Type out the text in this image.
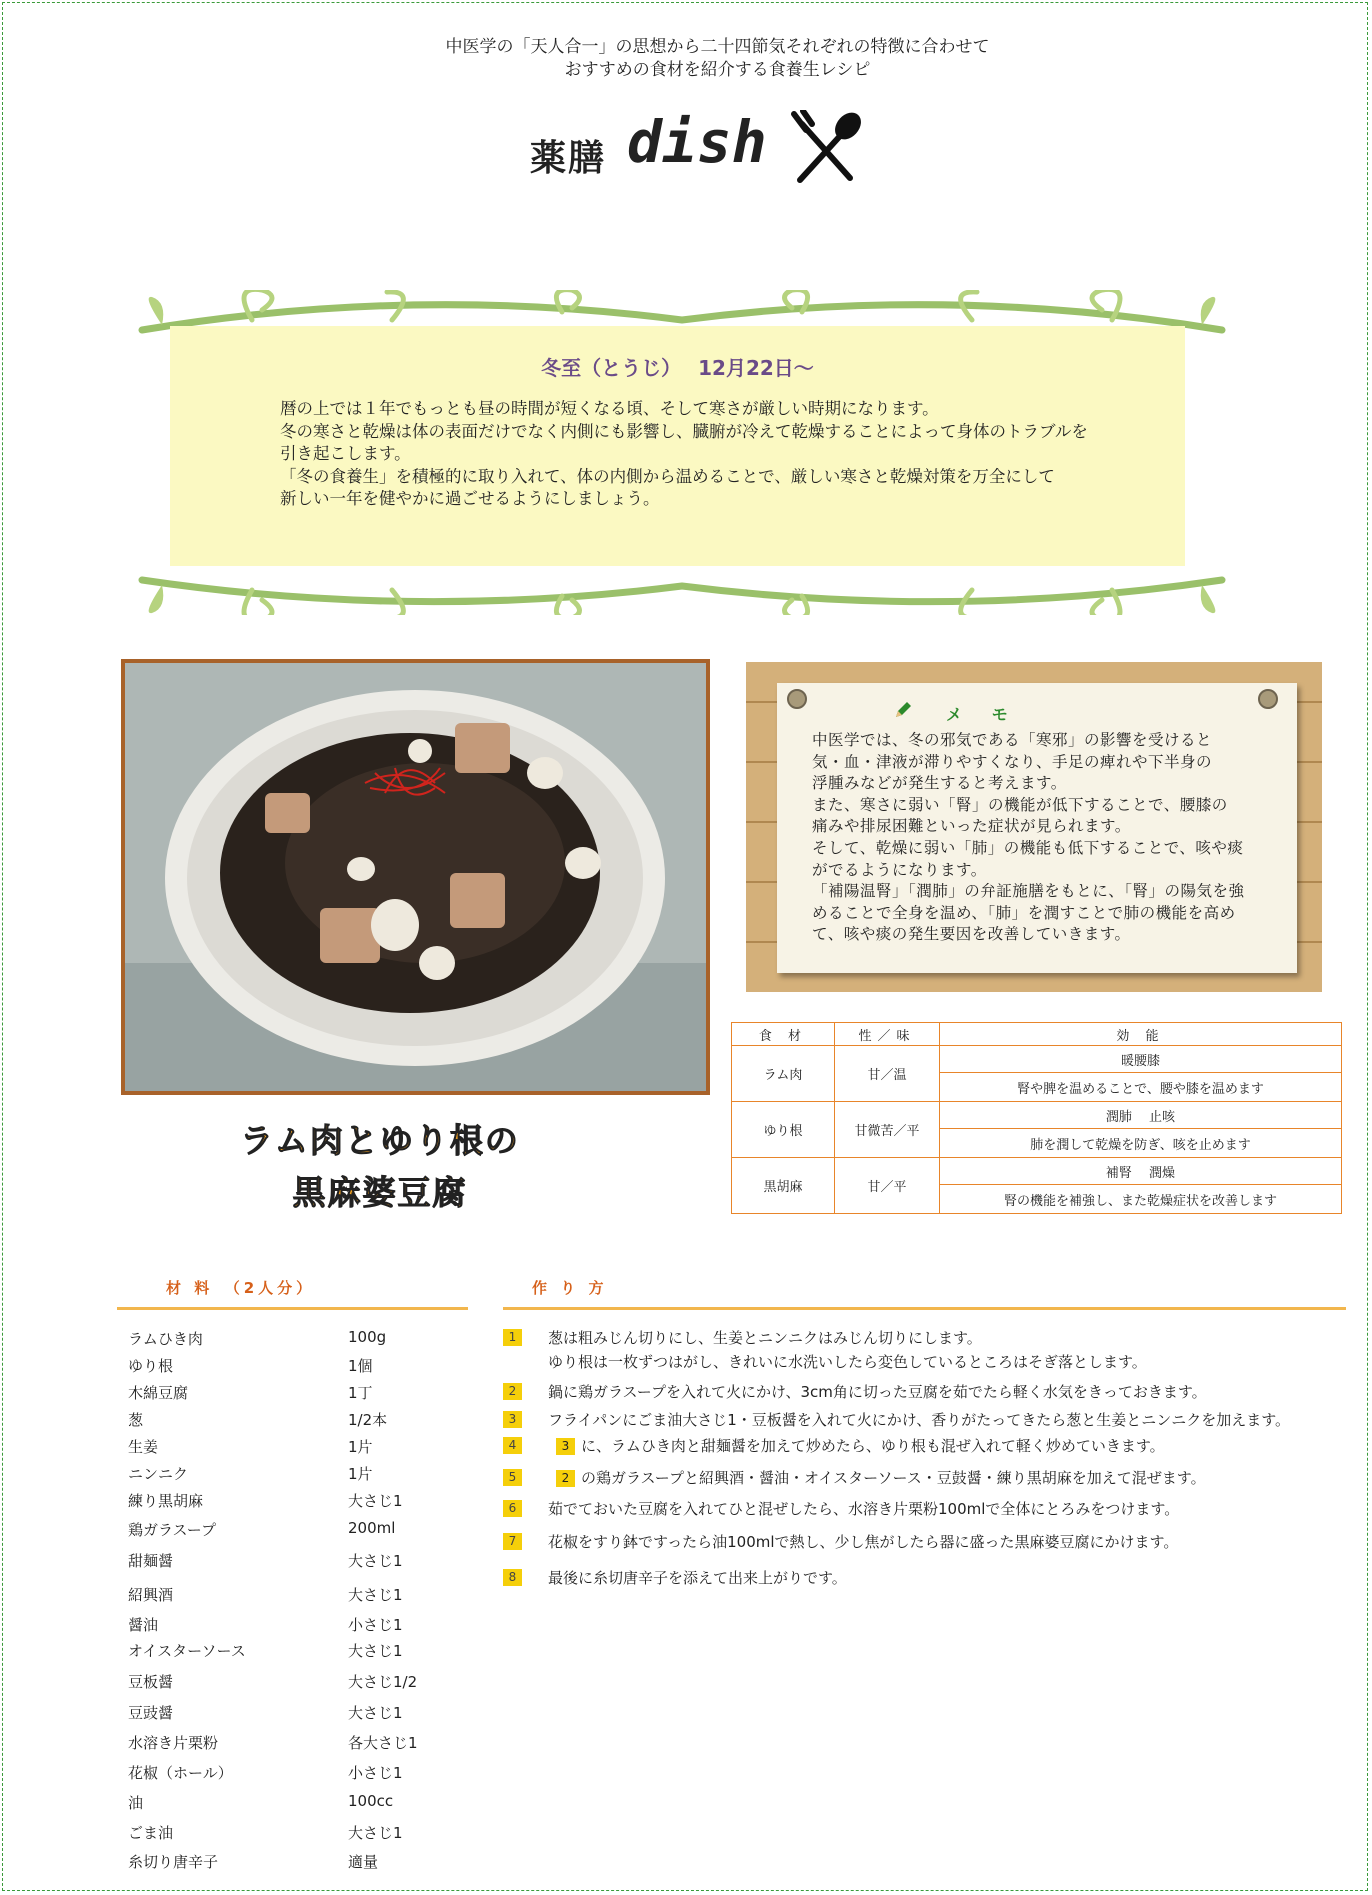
中医学の「天人合一」の思想から二十四節気それぞれの特徴に合わせて
おすすめの食材を紹介する食養生レシピ
薬膳 dish
冬至（とうじ）　 12月22日～
暦の上では１年でもっとも昼の時間が短くなる頃、そして寒さが厳しい時期になります。
冬の寒さと乾燥は体の表面だけでなく内側にも影響し、臓腑が冷えて乾燥することによって身体のトラブルを
引き起こします。
「冬の食養生」を積極的に取り入れて、体の内側から温めることで、厳しい寒さと乾燥対策を万全にして
新しい一年を健やかに過ごせるようにしましょう。
ラム肉とゆり根の
黒麻婆豆腐
メ モ
中医学では、冬の邪気である「寒邪」の影響を受けると
気・血・津液が滞りやすくなり、手足の痺れや下半身の
浮腫みなどが発生すると考えます。
また、寒さに弱い「腎」の機能が低下することで、腰膝の
痛みや排尿困難といった症状が見られます。
そして、乾燥に弱い「肺」の機能も低下することで、咳や痰
がでるようになります。
「補陽温腎」「潤肺」の弁証施膳をもとに、「腎」の陽気を強
めることで全身を温め、「肺」を潤すことで肺の機能を高め
て、咳や痰の発生要因を改善していきます。
食 材	性／味	効 能
ラム肉	甘／温	暖腰膝
		腎や脾を温めることで、腰や膝を温めます
ゆり根	甘微苦／平	潤肺　 止咳
		肺を潤して乾燥を防ぎ、咳を止めます
黒胡麻	甘／平	補腎　 潤燥
		腎の機能を補強し、また乾燥症状を改善します
材 料　（2人分）
ラムひき肉	100g
ゆり根	1個
木綿豆腐	1丁
葱	1/2本
生姜	1片
ニンニク	1片
練り黒胡麻	大さじ1
鶏ガラスープ	200ml
甜麺醤	大さじ1
紹興酒	大さじ1
醤油	小さじ1
オイスターソース	大さじ1
豆板醤	大さじ1/2
豆豉醤	大さじ1
水溶き片栗粉	各大さじ1
花椒（ホール）	小さじ1
油	100cc
ごま油	大さじ1
糸切り唐辛子	適量
作 り 方
1	葱は粗みじん切りにし、生姜とニンニクはみじん切りにします。
ゆり根は一枚ずつはがし、きれいに水洗いしたら変色しているところはそぎ落とします。
2	鍋に鶏ガラスープを入れて火にかけ、3cm角に切った豆腐を茹でたら軽く水気をきっておきます。
3	フライパンにごま油大さじ1・豆板醤を入れて火にかけ、香りがたってきたら葱と生姜とニンニクを加えます。
4	3 に、ラムひき肉と甜麺醤を加えて炒めたら、ゆり根も混ぜ入れて軽く炒めていきます。
5	2 の鶏ガラスープと紹興酒・醤油・オイスターソース・豆鼓醤・練り黒胡麻を加えて混ぜます。
6	茹でておいた豆腐を入れてひと混ぜしたら、水溶き片栗粉100mlで全体にとろみをつけます。
7	花椒をすり鉢ですったら油100mlで熱し、少し焦がしたら器に盛った黒麻婆豆腐にかけます。
8	最後に糸切唐辛子を添えて出来上がりです。
